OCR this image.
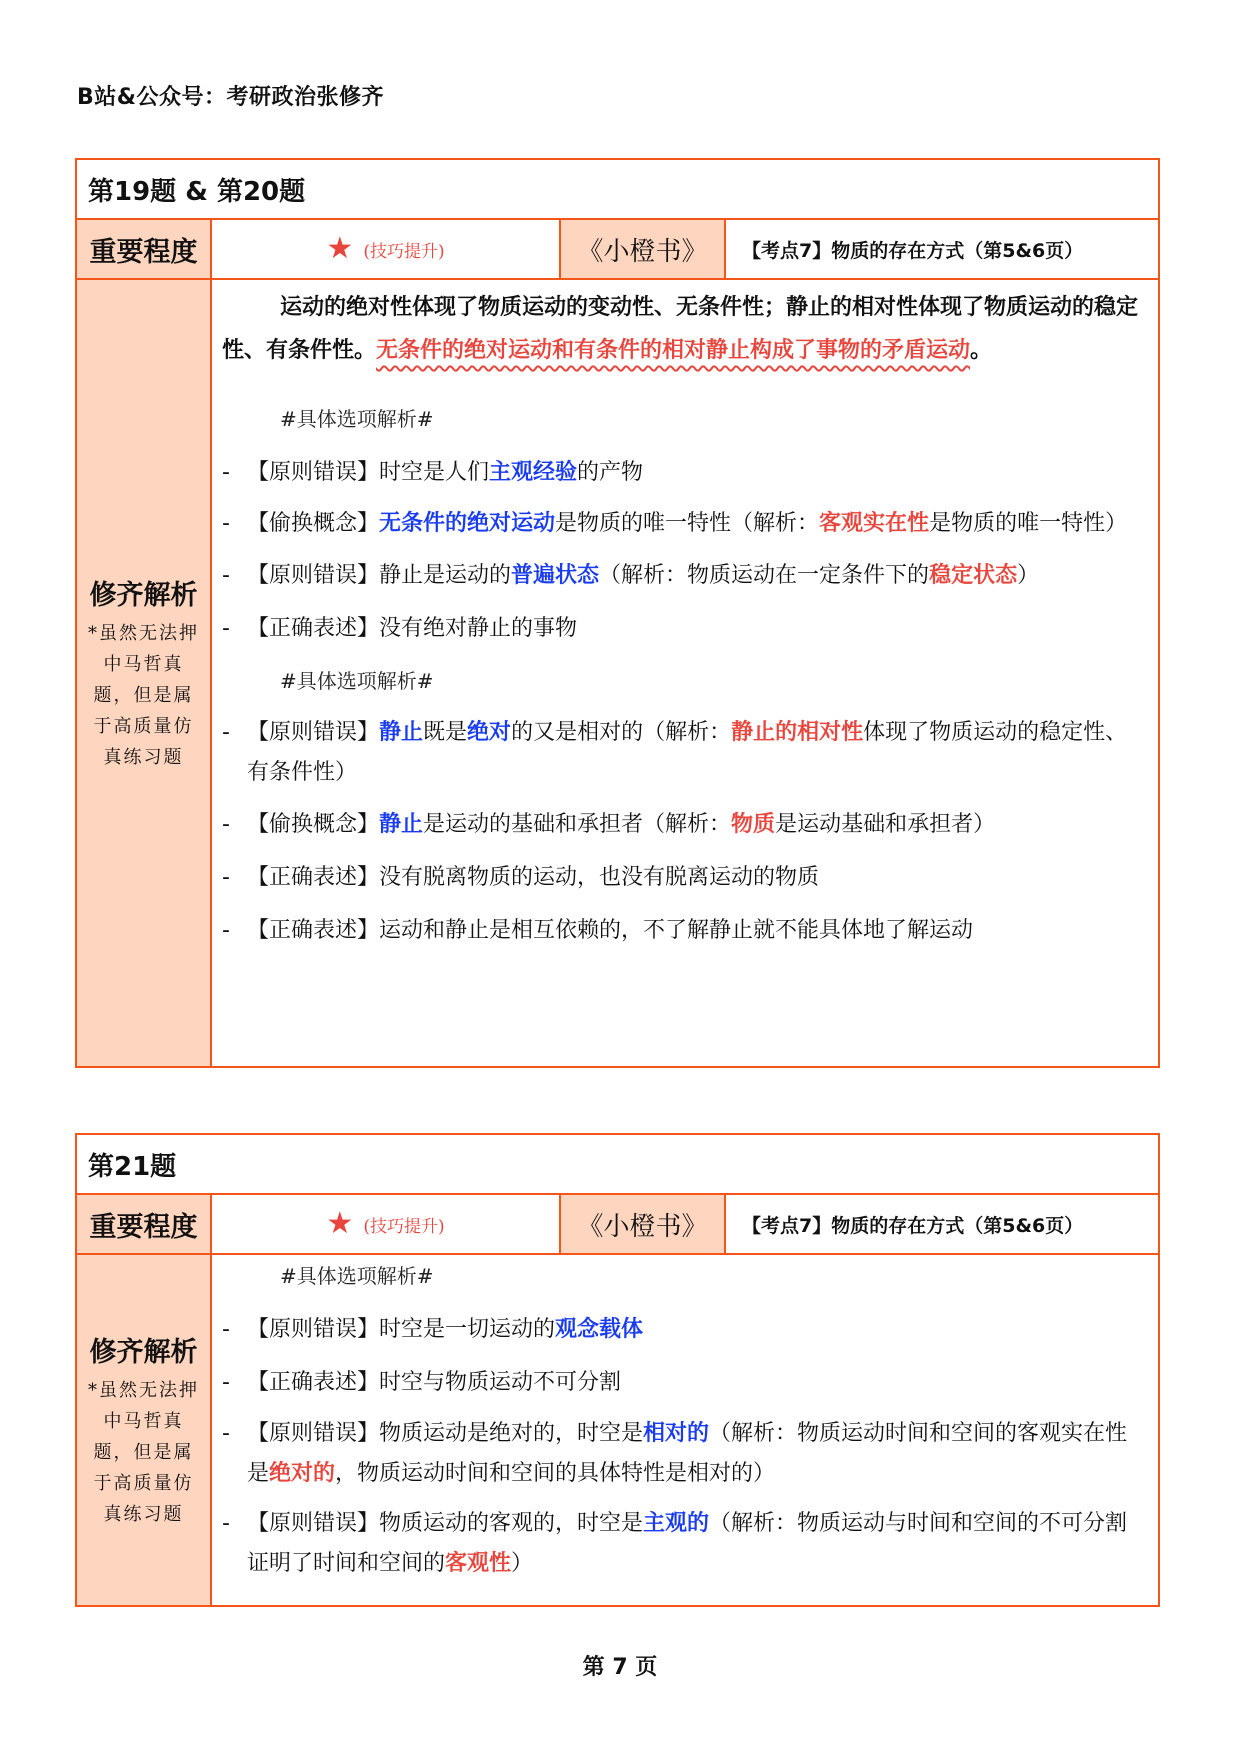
B站&公众号：考研政治张修齐
第19题 & 第20题
重要程度	★ (技巧提升)	《小橙书》	【考点7】物质的存在方式（第5&6页）
修齐解析
*虽然无法押中马哲真题，但是属于高质量仿真练习题

运动的绝对性体现了物质运动的变动性、无条件性；静止的相对性体现了物质运动的稳定性、有条件性。无条件的绝对运动和有条件的相对静止构成了事物的矛盾运动。

#具体选项解析#
- 【原则错误】时空是人们主观经验的产物
- 【偷换概念】无条件的绝对运动是物质的唯一特性（解析：客观实在性是物质的唯一特性）
- 【原则错误】静止是运动的普遍状态（解析：物质运动在一定条件下的稳定状态）
- 【正确表述】没有绝对静止的事物
#具体选项解析#
- 【原则错误】静止既是绝对的又是相对的（解析：静止的相对性体现了物质运动的稳定性、有条件性）
- 【偷换概念】静止是运动的基础和承担者（解析：物质是运动基础和承担者）
- 【正确表述】没有脱离物质的运动，也没有脱离运动的物质
- 【正确表述】运动和静止是相互依赖的，不了解静止就不能具体地了解运动
第21题
重要程度	★ (技巧提升)	《小橙书》	【考点7】物质的存在方式（第5&6页）
修齐解析
*虽然无法押中马哲真题，但是属于高质量仿真练习题
#具体选项解析#
- 【原则错误】时空是一切运动的观念载体
- 【正确表述】时空与物质运动不可分割
- 【原则错误】物质运动是绝对的，时空是相对的（解析：物质运动时间和空间的客观实在性是绝对的，物质运动时间和空间的具体特性是相对的）
- 【原则错误】物质运动的客观的，时空是主观的（解析：物质运动与时间和空间的不可分割证明了时间和空间的客观性）
第 7 页
